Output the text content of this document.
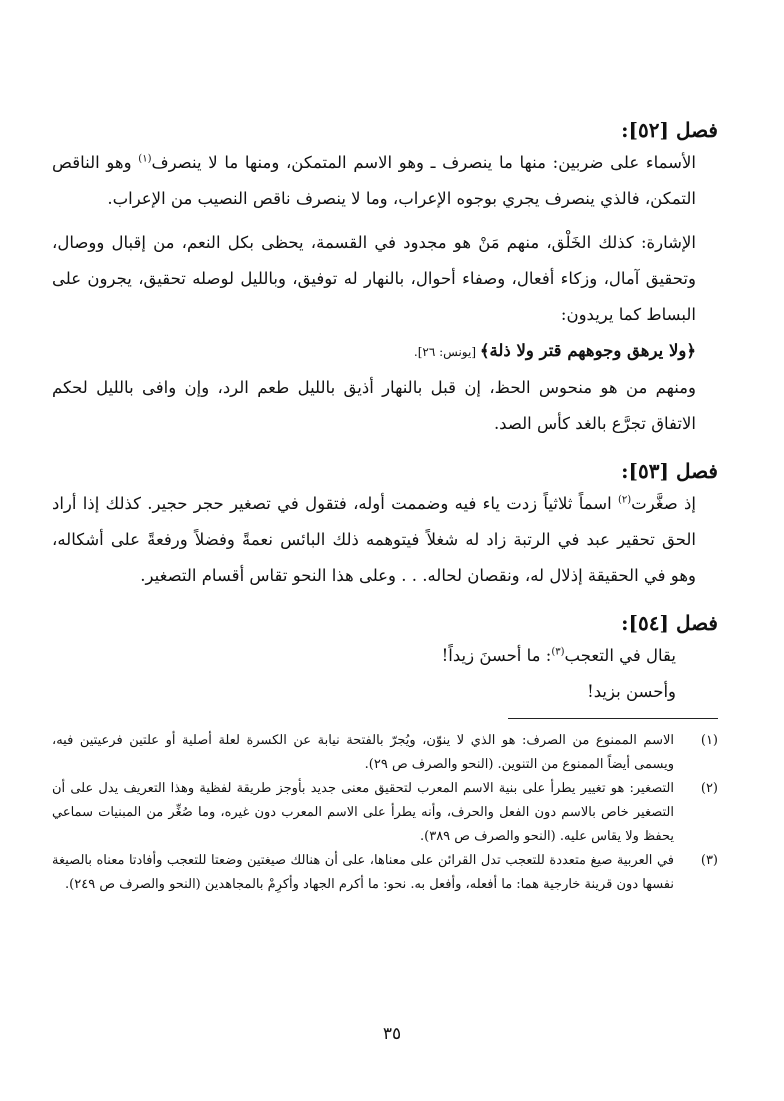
فصل [٥٢]:

الأسماء على ضربين: منها ما ينصرف ـ وهو الاسم المتمكن، ومنها ما لا ينصرف$^{(١)}$ وهو الناقص التمكن، فالذي ينصرف يجري بوجوه الإعراب، وما لا ينصرف ناقص النصيب من الإعراب.

الإشارة: كذلك الخَلْق، منهم مَنْ هو مجدود في القسمة، يحظى بكل النعم، من إقبال ووصال، وتحقيق آمال، وزكاء أفعال، وصفاء أحوال، بالنهار له توفيق، وبالليل لوصله تحقيق، يجرون على البساط كما يريدون:

﴿ولا يرهق وجوههم قتر ولا ذلة﴾ [يونس: ٢٦].

ومنهم من هو منحوس الحظ، إن قبل بالنهار أذيق بالليل طعم الرد، وإن وافى بالليل لحكم الاتفاق تجرَّع بالغد كأس الصد.

فصل [٥٣]:

إذ صغَّرت$^{(٢)}$ اسماً ثلاثياً زدت ياء فيه وضممت أوله، فتقول في تصغير حجر حجير. كذلك إذا أراد الحق تحقير عبد في الرتبة زاد له شغلاً فيتوهمه ذلك البائس نعمةً وفضلاً ورفعةً على أشكاله، وهو في الحقيقة إذلال له، ونقصان لحاله. . . وعلى هذا النحو تقاس أقسام التصغير.

فصل [٥٤]:

يقال في التعجب$^{(٣)}$: ما أحسنَ زيداً!

وأحسن بزيد!

(١)
الاسم الممنوع من الصرف: هو الذي لا ينوّن، ويُجرّ بالفتحة نيابة عن الكسرة لعلة أصلية أو علتين فرعيتين فيه، ويسمى أيضاً الممنوع من التنوين. (النحو والصرف ص ٢٩).
(٢)
التصغير: هو تغيير يطرأ على بنية الاسم المعرب لتحقيق معنى جديد بأوجز طريقة لفظية وهذا التعريف يدل على أن التصغير خاص بالاسم دون الفعل والحرف، وأنه يطرأ على الاسم المعرب دون غيره، وما صُغِّر من المبنيات سماعي يحفظ ولا يقاس عليه. (النحو والصرف ص ٣٨٩).
(٣)
في العربية صيغ متعددة للتعجب تدل القرائن على معناها، على أن هنالك صيغتين وضعتا للتعجب وأفادتا معناه بالصيغة نفسها دون قرينة خارجية هما: ما أفعله، وأفعل به. نحو: ما أكرم الجهاد وأكرِمْ بالمجاهدين (النحو والصرف ص ٢٤٩).
٣٥
